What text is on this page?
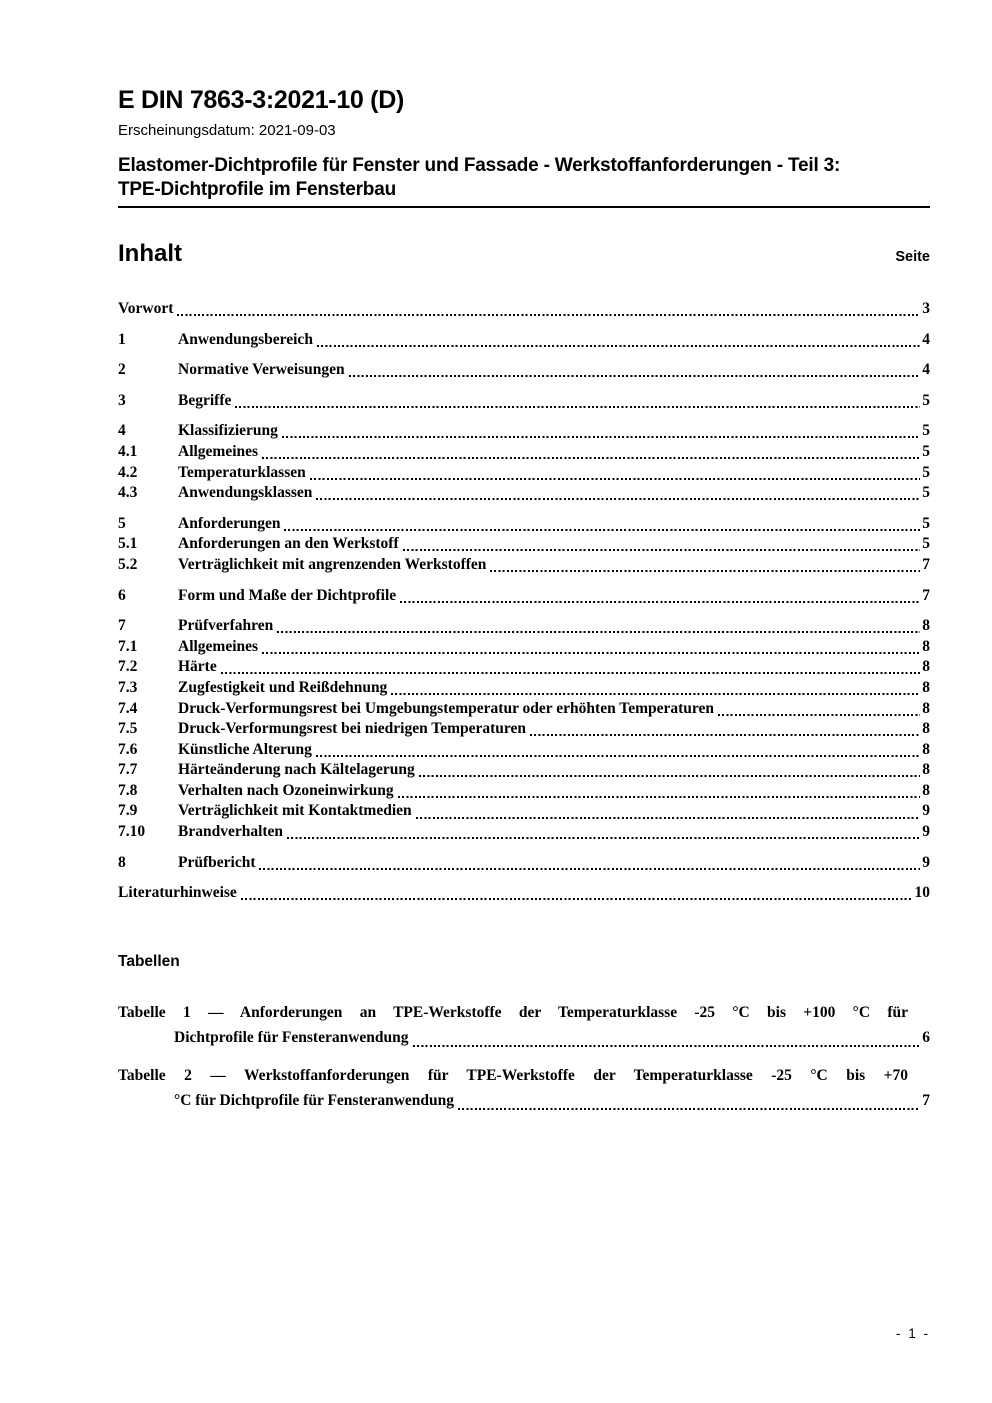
E DIN 7863-3:2021-10 (D)
Erscheinungsdatum: 2021-09-03
Elastomer-Dichtprofile für Fenster und Fassade - Werkstoffanforderungen - Teil 3:
TPE-Dichtprofile im Fensterbau
Inhalt	Seite
Vorwort	3
1	Anwendungsbereich	4
2	Normative Verweisungen	4
3	Begriffe	5
4	Klassifizierung	5
4.1	Allgemeines	5
4.2	Temperaturklassen	5
4.3	Anwendungsklassen	5
5	Anforderungen	5
5.1	Anforderungen an den Werkstoff	5
5.2	Verträglichkeit mit angrenzenden Werkstoffen	7
6	Form und Maße der Dichtprofile	7
7	Prüfverfahren	8
7.1	Allgemeines	8
7.2	Härte	8
7.3	Zugfestigkeit und Reißdehnung	8
7.4	Druck-Verformungsrest bei Umgebungstemperatur oder erhöhten Temperaturen	8
7.5	Druck-Verformungsrest bei niedrigen Temperaturen	8
7.6	Künstliche Alterung	8
7.7	Härteänderung nach Kältelagerung	8
7.8	Verhalten nach Ozoneinwirkung	8
7.9	Verträglichkeit mit Kontaktmedien	9
7.10	Brandverhalten	9
8	Prüfbericht	9
Literaturhinweise	10
Tabellen
Tabelle 1 — Anforderungen an TPE-Werkstoffe der Temperaturklasse -25 °C bis +100 °C für
Dichtprofile für Fensteranwendung	6
Tabelle 2 — Werkstoffanforderungen für TPE-Werkstoffe der Temperaturklasse -25 °C bis +70
°C für Dichtprofile für Fensteranwendung	7
- 1 -
